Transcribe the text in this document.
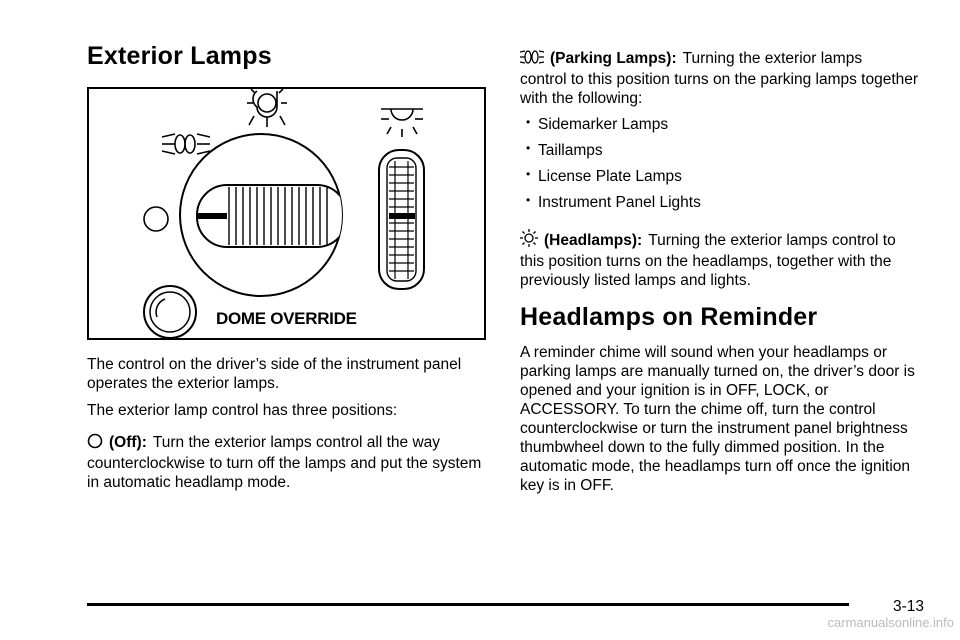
Exterior Lamps
DOME OVERRIDE

The control on the driver’s side of the instrument panel operates the exterior lamps.

The exterior lamp control has three positions:

(Off): Turn the exterior lamps control all the way

counterclockwise to turn off the lamps and put the system in automatic headlamp mode.

(Parking Lamps): Turning the exterior lamps

control to this position turns on the parking lamps together with the following:

• Sidemarker Lamps
• Taillamps
• License Plate Lamps
• Instrument Panel Lights

(Headlamps): Turning the exterior lamps control to

this position turns on the headlamps, together with the previously listed lamps and lights.

Headlamps on Reminder

A reminder chime will sound when your headlamps or parking lamps are manually turned on, the driver’s door is opened and your ignition is in OFF, LOCK, or ACCESSORY. To turn the chime off, turn the control counterclockwise or turn the instrument panel brightness thumbwheel down to the fully dimmed position. In the automatic mode, the headlamps turn off once the ignition key is in OFF.

3-13
carmanualsonline.info
